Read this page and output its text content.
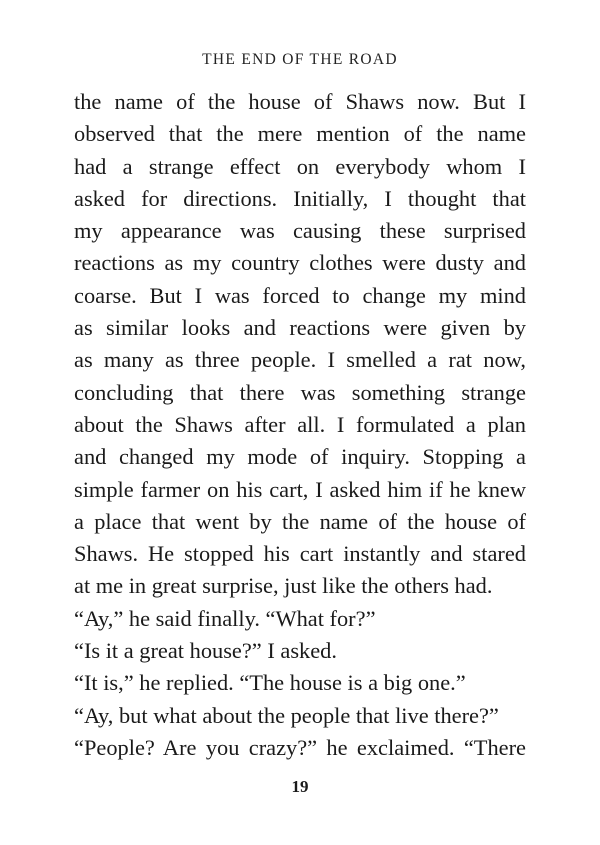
THE END OF THE ROAD
the name of the house of Shaws now. But I
observed that the mere mention of the name
had a strange effect on everybody whom I
asked for directions. Initially, I thought that
my appearance was causing these surprised
reactions as my country clothes were dusty and
coarse. But I was forced to change my mind
as similar looks and reactions were given by
as many as three people. I smelled a rat now,
concluding that there was something strange
about the Shaws after all. I formulated a plan
and changed my mode of inquiry. Stopping a
simple farmer on his cart, I asked him if he knew
a place that went by the name of the house of
Shaws. He stopped his cart instantly and stared
at me in great surprise, just like the others had.
“Ay,” he said finally. “What for?”
“Is it a great house?” I asked.
“It is,” he replied. “The house is a big one.”
“Ay, but what about the people that live there?”
“People? Are you crazy?” he exclaimed. “There
19
